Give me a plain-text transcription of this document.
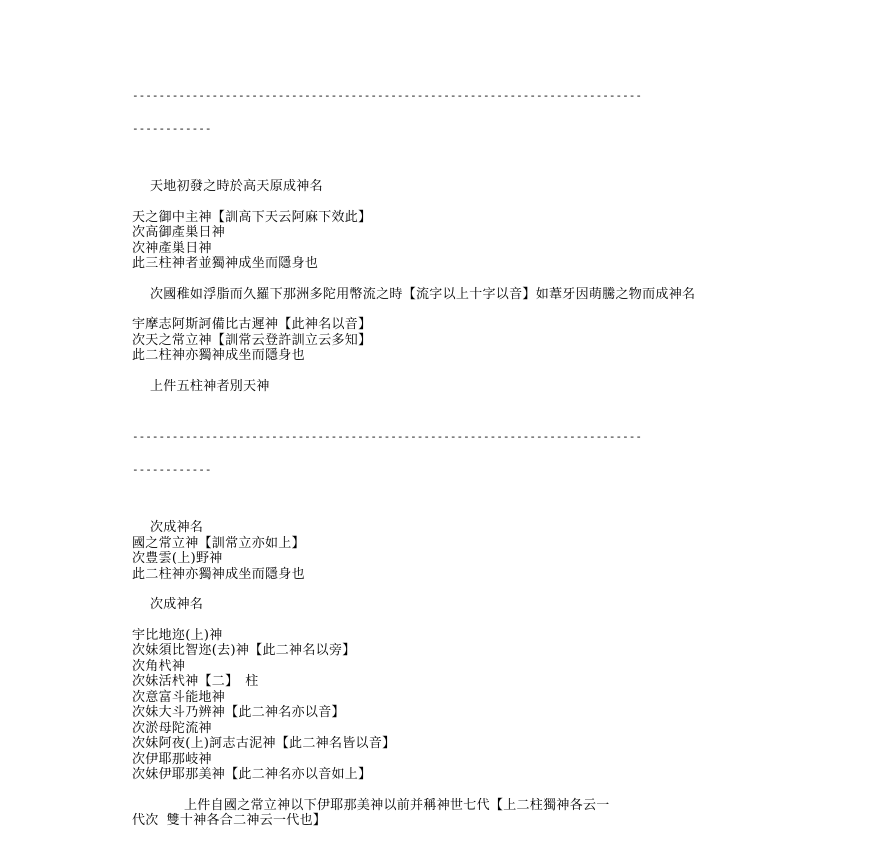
-----------------------------------------------------------------------------

------------

天地初發之時於高天原成神名
天之御中主神【訓高下天云阿麻下效此】
次高御產巣日神
次神產巣日神
此三柱神者並獨神成坐而隱身也
次國稚如浮脂而久羅下那洲多陀用幣流之時【流字以上十字以音】如葦牙因萌騰之物而成神名
宇摩志阿斯訶備比古遲神【此神名以音】
次天之常立神【訓常云登許訓立云多知】
此二柱神亦獨神成坐而隱身也
上件五柱神者別天神

-----------------------------------------------------------------------------

------------

次成神名
國之常立神【訓常立亦如上】
次豊雲(上)野神
此二柱神亦獨神成坐而隱身也
次成神名
宇比地迩(上)神
次妹須比智迩(去)神【此二神名以旁】
次角杙神
次妹活杙神【二】　柱
次意富斗能地神
次妹大斗乃辨神【此二神名亦以音】
次淤母陀流神
次妹阿夜(上)訶志古泥神【此二神名皆以音】
次伊耶那岐神
次妹伊耶那美神【此二神名亦以音如上】
上件自國之常立神以下伊耶那美神以前并稱神世七代【上二柱獨神各云一
代次 雙十神各合二神云一代也】
